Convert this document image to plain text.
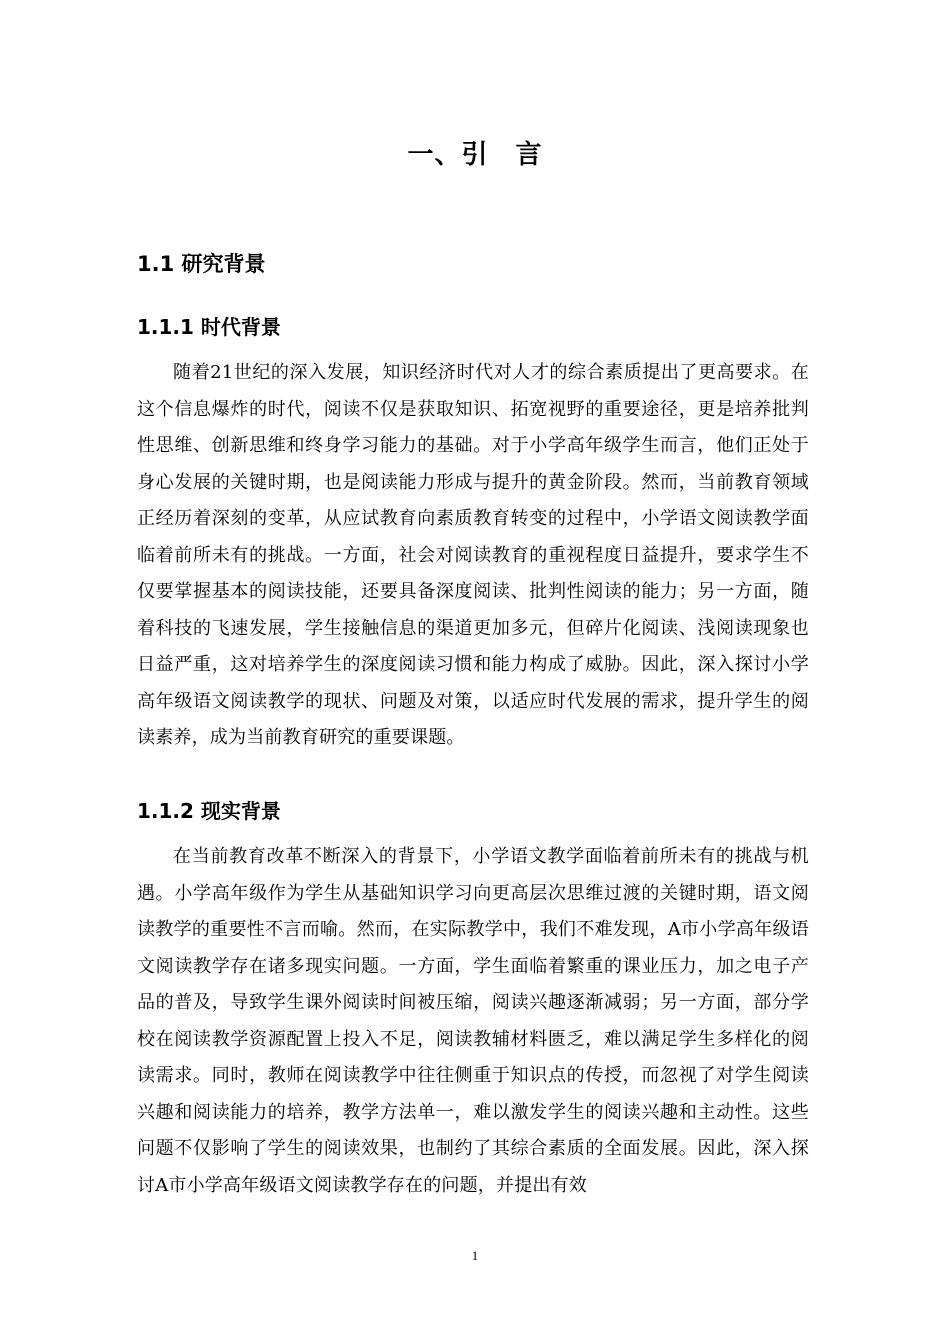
一、引　言
1.1 研究背景
1.1.1 时代背景

随着21世纪的深入发展，知识经济时代对人才的综合素质提出了更高要求。在这个信息爆炸的时代，阅读不仅是获取知识、拓宽视野的重要途径，更是培养批判性思维、创新思维和终身学习能力的基础。对于小学高年级学生而言，他们正处于身心发展的关键时期，也是阅读能力形成与提升的黄金阶段。然而，当前教育领域正经历着深刻的变革，从应试教育向素质教育转变的过程中，小学语文阅读教学面临着前所未有的挑战。一方面，社会对阅读教育的重视程度日益提升，要求学生不仅要掌握基本的阅读技能，还要具备深度阅读、批判性阅读的能力；另一方面，随着科技的飞速发展，学生接触信息的渠道更加多元，但碎片化阅读、浅阅读现象也日益严重，这对培养学生的深度阅读习惯和能力构成了威胁。因此，深入探讨小学高年级语文阅读教学的现状、问题及对策，以适应时代发展的需求，提升学生的阅读素养，成为当前教育研究的重要课题。

1.1.2 现实背景

在当前教育改革不断深入的背景下，小学语文教学面临着前所未有的挑战与机遇。小学高年级作为学生从基础知识学习向更高层次思维过渡的关键时期，语文阅读教学的重要性不言而喻。然而，在实际教学中，我们不难发现，A市小学高年级语文阅读教学存在诸多现实问题。一方面，学生面临着繁重的课业压力，加之电子产品的普及，导致学生课外阅读时间被压缩，阅读兴趣逐渐减弱；另一方面，部分学校在阅读教学资源配置上投入不足，阅读教辅材料匮乏，难以满足学生多样化的阅读需求。同时，教师在阅读教学中往往侧重于知识点的传授，而忽视了对学生阅读兴趣和阅读能力的培养，教学方法单一，难以激发学生的阅读兴趣和主动性。这些问题不仅影响了学生的阅读效果，也制约了其综合素质的全面发展。因此，深入探讨A市小学高年级语文阅读教学存在的问题，并提出有效

1
